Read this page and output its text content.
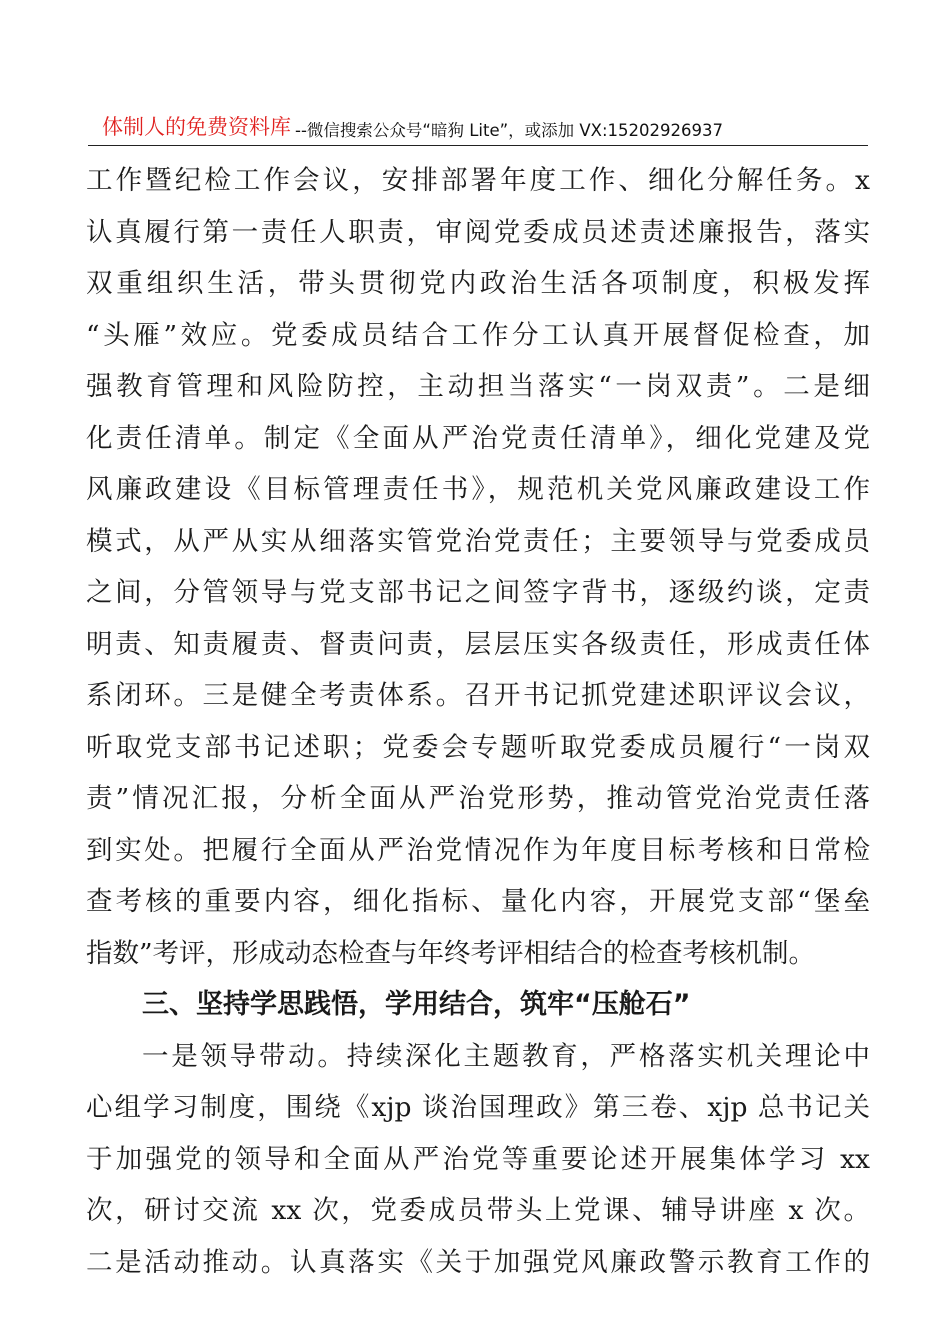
体制人的免费资料库 --微信搜索公众号“暗狗 Lite”，或添加 VX:15202926937
工作暨纪检工作会议，安排部署年度工作、细化分解任务。x
认真履行第一责任人职责，审阅党委成员述责述廉报告，落实
双重组织生活，带头贯彻党内政治生活各项制度，积极发挥
“头雁”效应。党委成员结合工作分工认真开展督促检查，加
强教育管理和风险防控，主动担当落实“一岗双责”。二是细
化责任清单。制定《全面从严治党责任清单》，细化党建及党
风廉政建设《目标管理责任书》，规范机关党风廉政建设工作
模式，从严从实从细落实管党治党责任；主要领导与党委成员
之间，分管领导与党支部书记之间签字背书，逐级约谈，定责
明责、知责履责、督责问责，层层压实各级责任，形成责任体
系闭环。三是健全考责体系。召开书记抓党建述职评议会议，
听取党支部书记述职；党委会专题听取党委成员履行“一岗双
责”情况汇报，分析全面从严治党形势，推动管党治党责任落
到实处。把履行全面从严治党情况作为年度目标考核和日常检
查考核的重要内容，细化指标、量化内容，开展党支部“堡垒
指数”考评，形成动态检查与年终考评相结合的检查考核机制。
三、坚持学思践悟，学用结合，筑牢“压舱石”
一是领导带动。持续深化主题教育，严格落实机关理论中
心组学习制度，围绕《xjp 谈治国理政》第三卷、xjp 总书记关
于加强党的领导和全面从严治党等重要论述开展集体学习 xx
次，研讨交流 xx 次，党委成员带头上党课、辅导讲座 x 次。
二是活动推动。认真落实《关于加强党风廉政警示教育工作的
